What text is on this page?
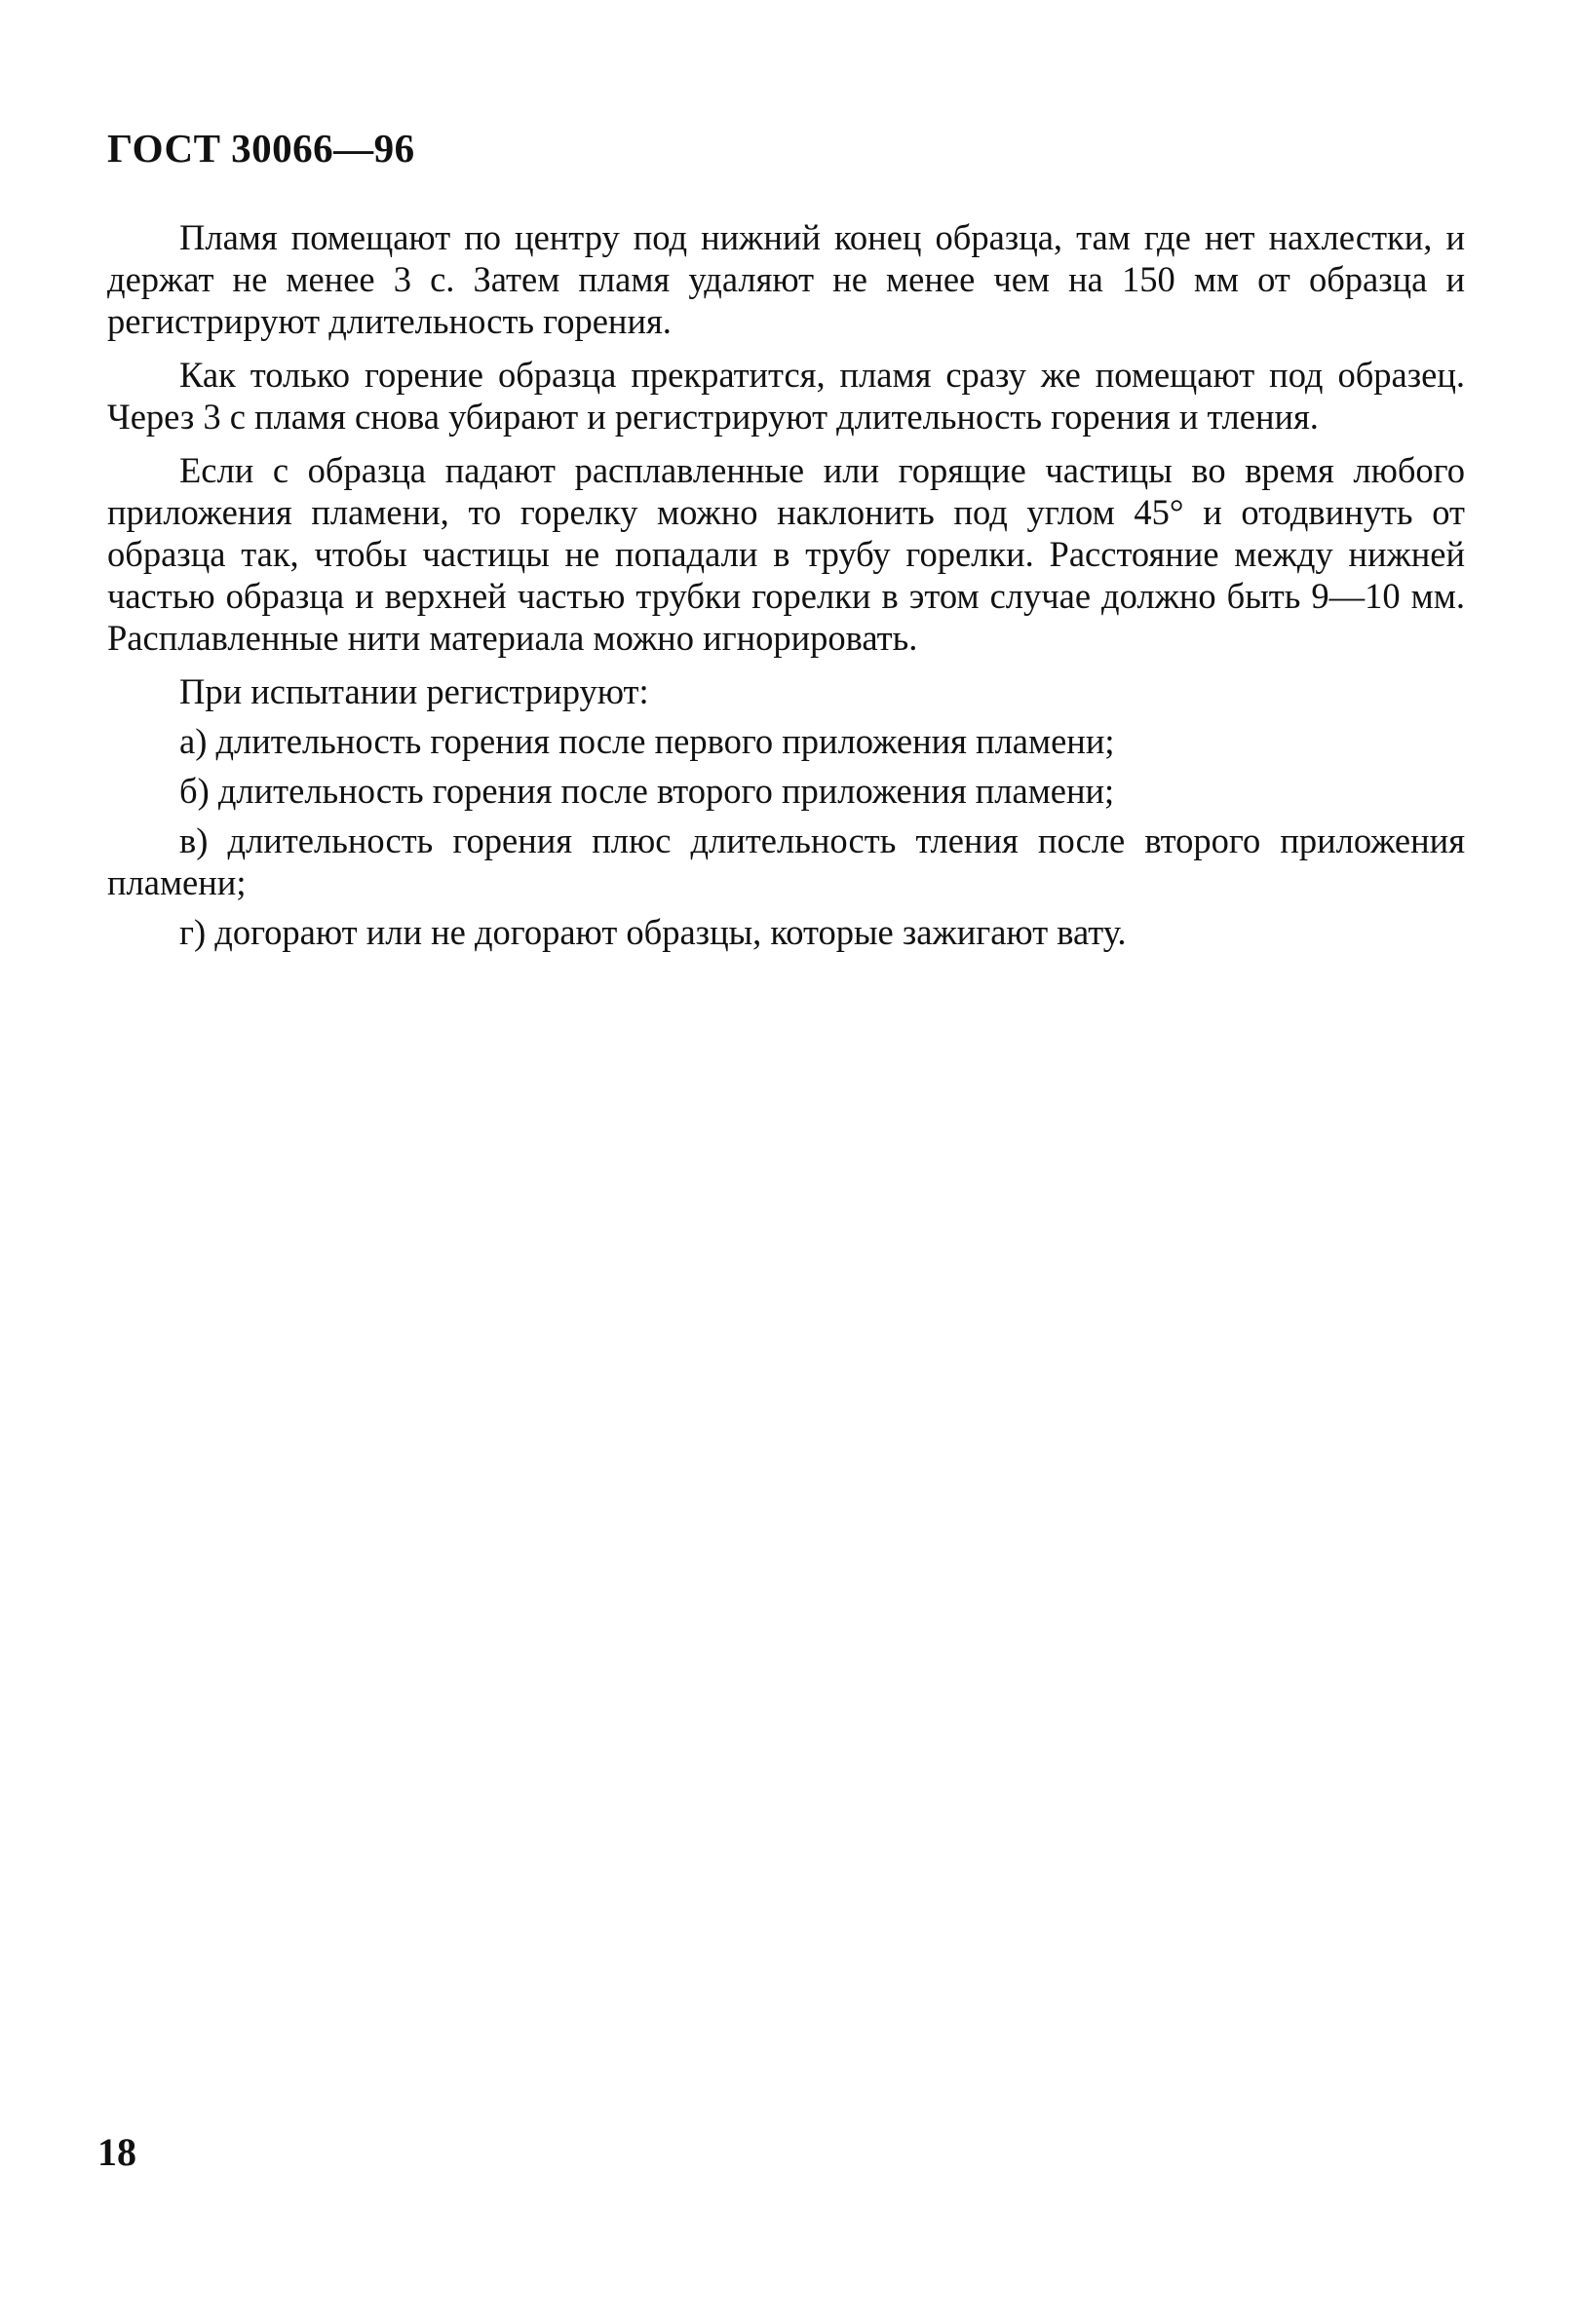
ГОСТ 30066—96

Пламя помещают по центру под нижний конец образца, там где нет нахлестки, и держат не менее 3 с. Затем пламя удаляют не менее чем на 150 мм от образца и регистрируют длительность горения.

Как только горение образца прекратится, пламя сразу же помещают под образец. Через 3 с пламя снова убирают и регистрируют длительность горения и тления.

Если с образца падают расплавленные или горящие частицы во время любого приложения пламени, то горелку можно наклонить под углом 45° и отодвинуть от образца так, чтобы частицы не попадали в трубу горелки. Расстояние между нижней частью образца и верхней частью трубки горелки в этом случае должно быть 9—10 мм. Расплавленные нити материала можно игнорировать.

При испытании регистрируют:

а) длительность горения после первого приложения пламени;

б) длительность горения после второго приложения пламени;

в) длительность горения плюс длительность тления после второго приложения пламени;

г) догорают или не догорают образцы, которые зажигают вату.

18
